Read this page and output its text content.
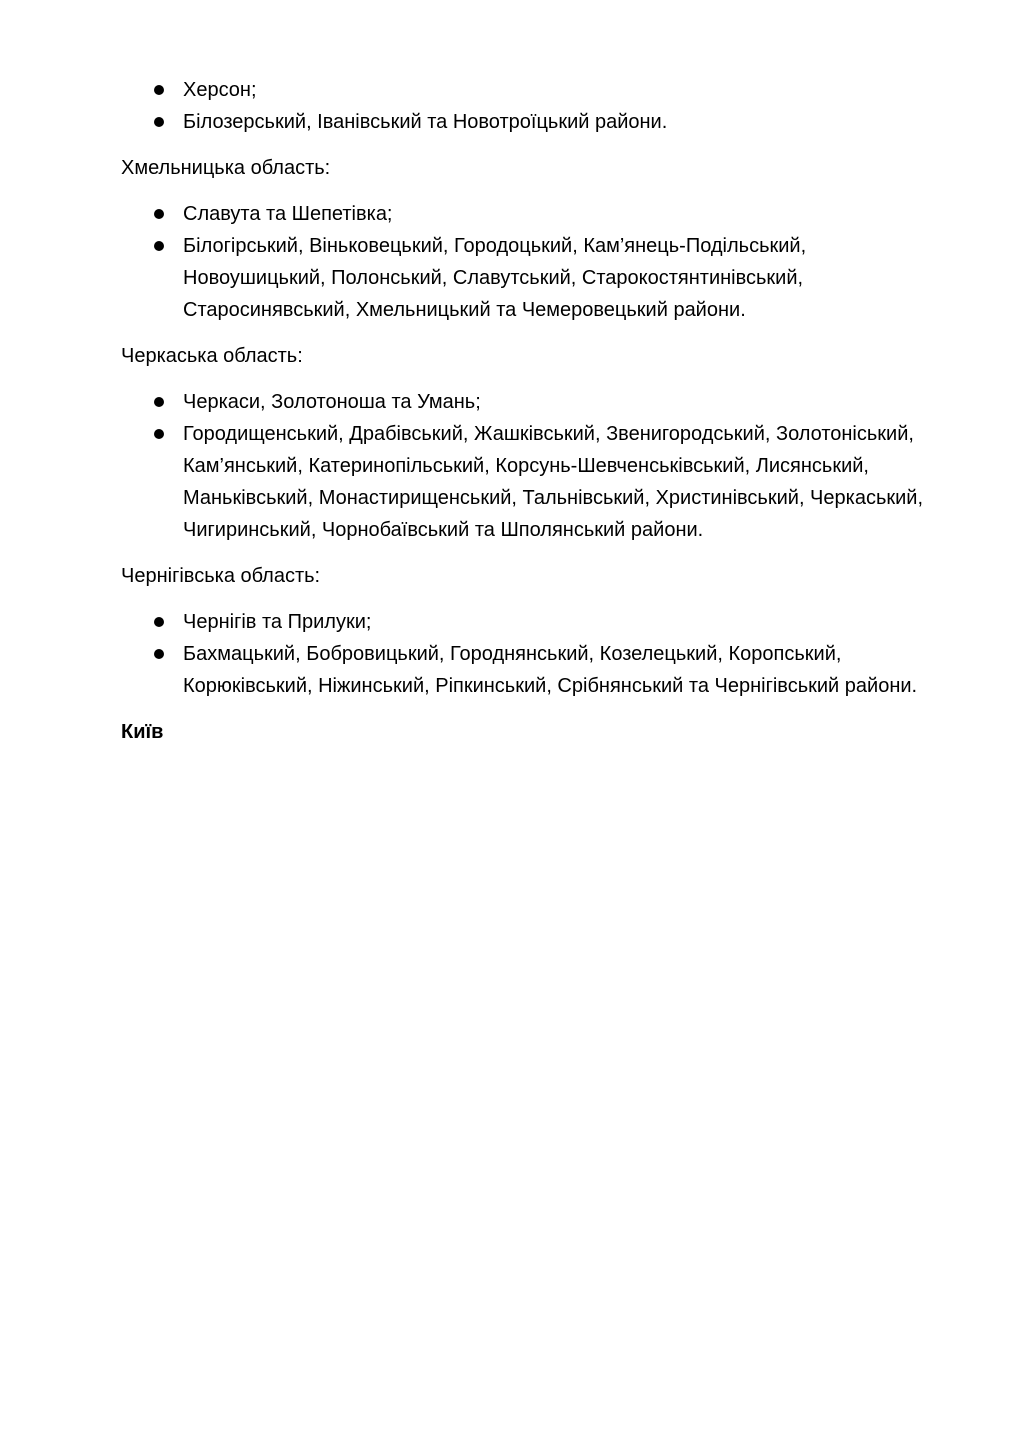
Херсон;
Білозерський, Іванівський та Новотроїцький райони.

Хмельницька область:

Славута та Шепетівка;
Білогірський, Віньковецький, Городоцький, Кам’янець-Подільський, Новоушицький, Полонський, Славутський, Старокостянтинівський, Старосинявський, Хмельницький та Чемеровецький райони.

Черкаська область:

Черкаси, Золотоноша та Умань;
Городищенський, Драбівський, Жашківський, Звенигородський, Золотоніський, Кам’янський, Катеринопільський, Корсунь-Шевченськівський, Лисянський, Маньківський, Монастирищенський, Тальнівський, Христинівський, Черкаський, Чигиринський, Чорнобаївський та Шполянський райони.

Чернігівська область:

Чернігів та Прилуки;
Бахмацький, Бобровицький, Городнянський, Козелецький, Коропський, Корюківський, Ніжинський, Ріпкинський, Срібнянський та Чернігівський райони.

Київ
